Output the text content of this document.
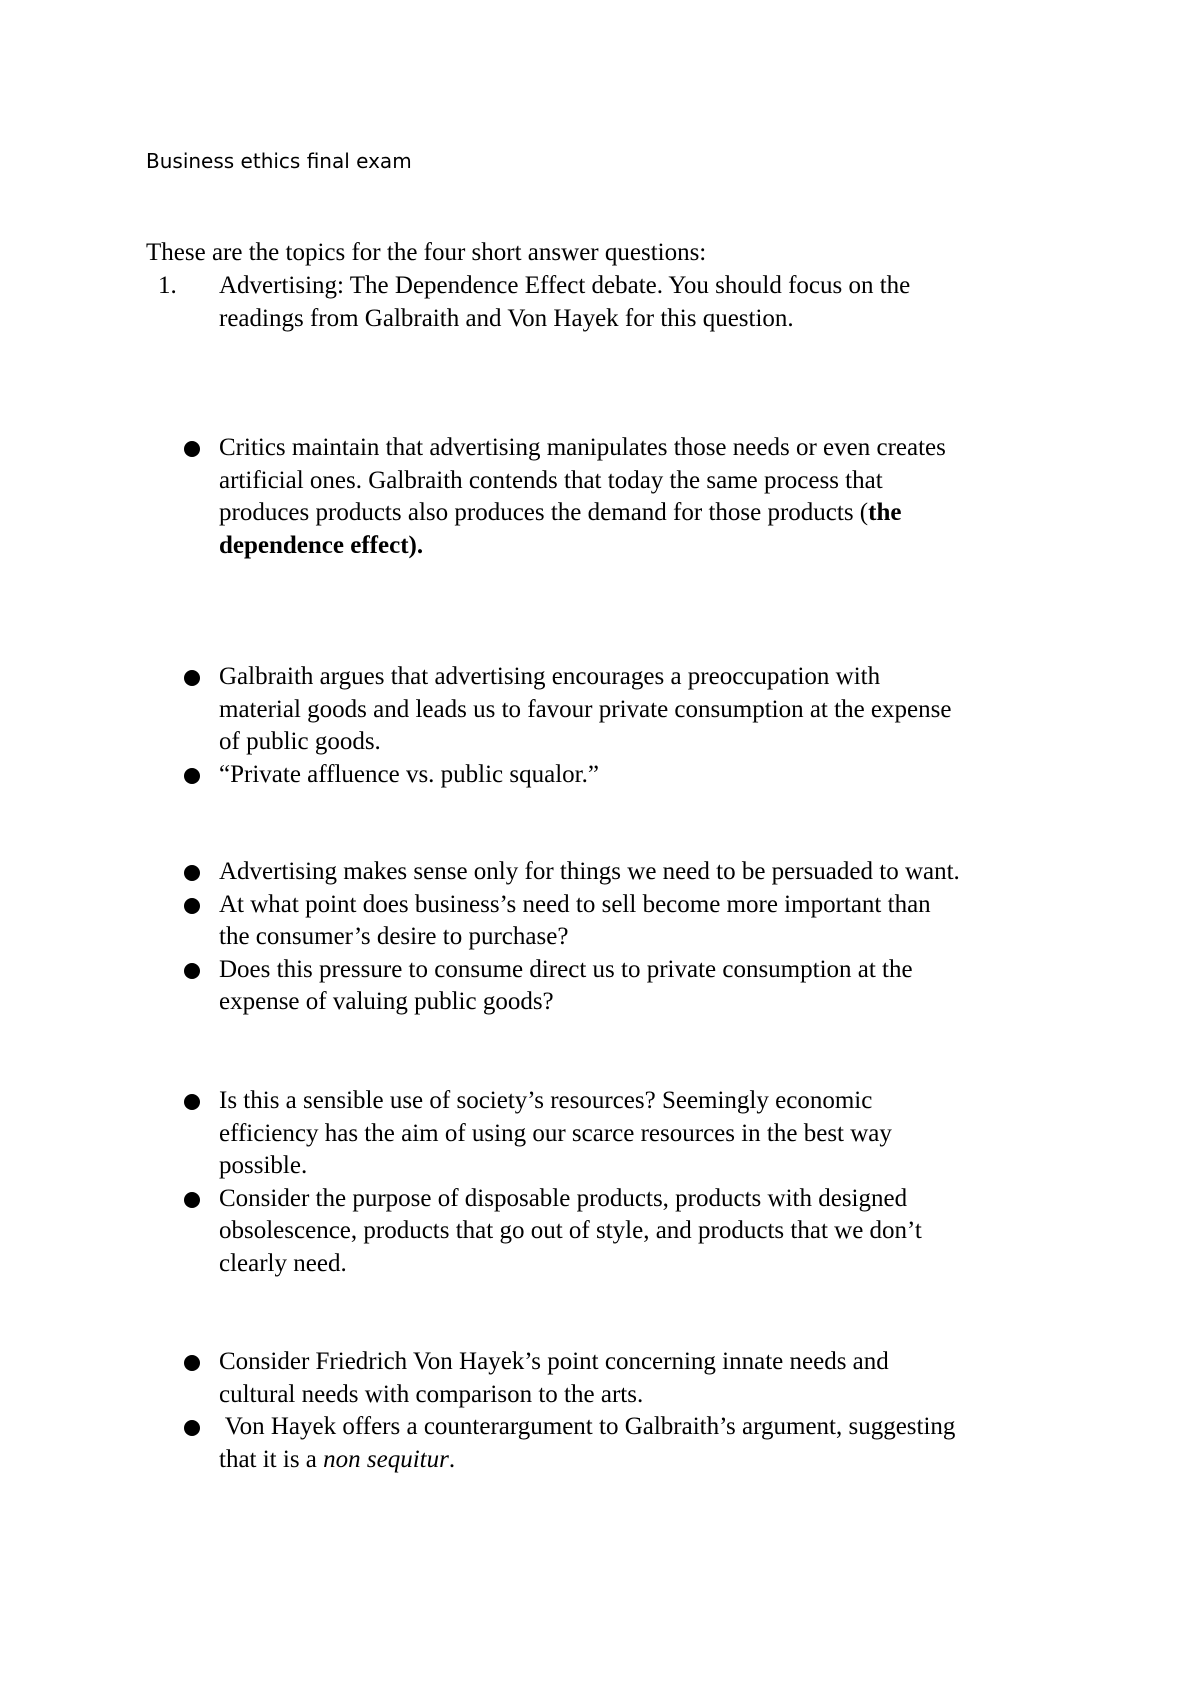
Business ethics final exam
These are the topics for the four short answer questions:
1. Advertising: The Dependence Effect debate. You should focus on the
readings from Galbraith and Von Hayek for this question.
Critics maintain that advertising manipulates those needs or even creates
artificial ones. Galbraith contends that today the same process that
produces products also produces the demand for those products (the
dependence effect).
Galbraith argues that advertising encourages a preoccupation with
material goods and leads us to favour private consumption at the expense
of public goods.
“Private affluence vs. public squalor.”
Advertising makes sense only for things we need to be persuaded to want.
At what point does business’s need to sell become more important than
the consumer’s desire to purchase?
Does this pressure to consume direct us to private consumption at the
expense of valuing public goods?
Is this a sensible use of society’s resources? Seemingly economic
efficiency has the aim of using our scarce resources in the best way
possible.
Consider the purpose of disposable products, products with designed
obsolescence, products that go out of style, and products that we don’t
clearly need.
Consider Friedrich Von Hayek’s point concerning innate needs and
cultural needs with comparison to the arts.
Von Hayek offers a counterargument to Galbraith’s argument, suggesting
that it is a non sequitur.
